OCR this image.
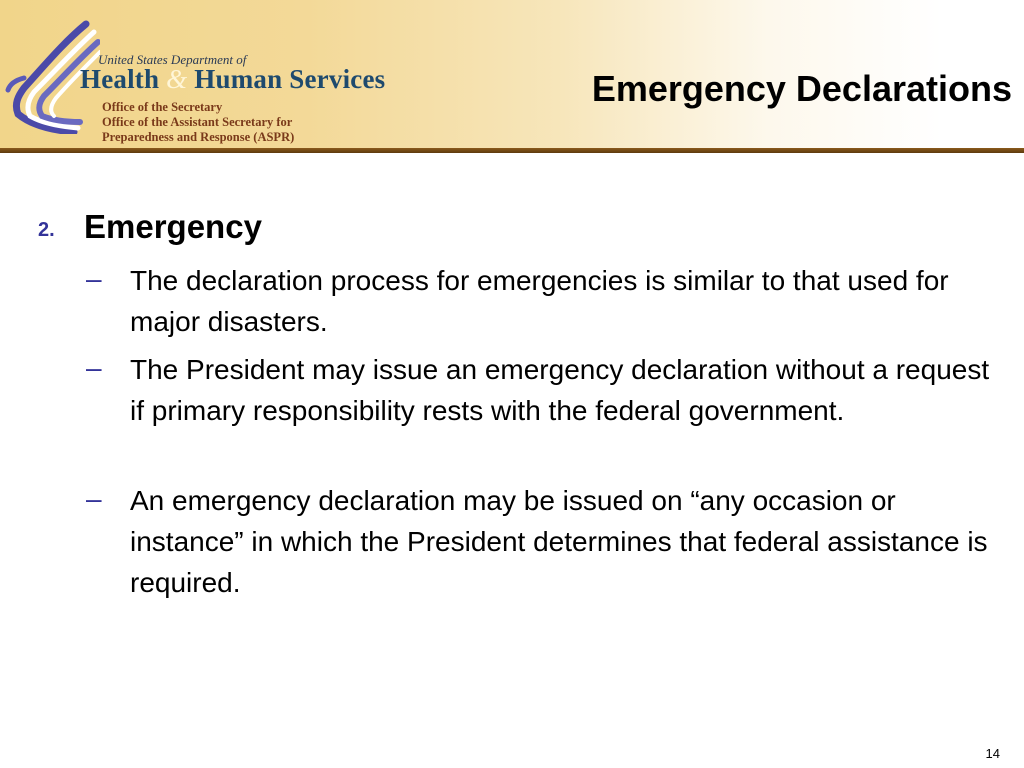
United States Department of
Health & Human Services
Office of the Secretary
Office of the Assistant Secretary for
Preparedness and Response (ASPR)
Emergency Declarations
2. Emergency
– The declaration process for emergencies is similar to that used for major disasters.
– The President may issue an emergency declaration without a request if primary responsibility rests with the federal government.
– An emergency declaration may be issued on “any occasion or instance” in which the President determines that federal assistance is required.
14
